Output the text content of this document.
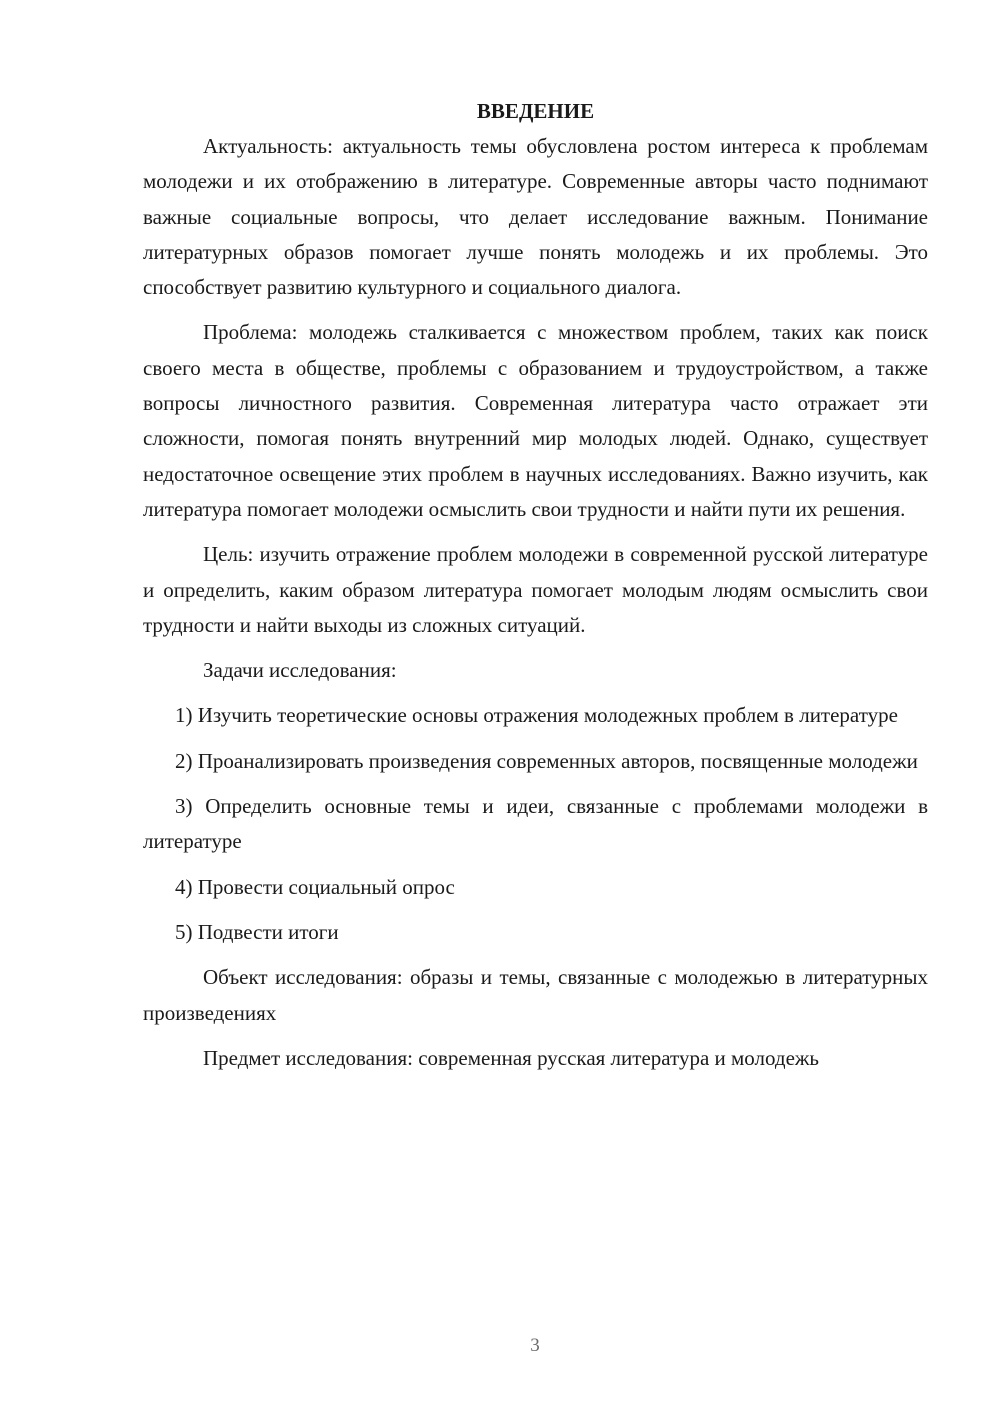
ВВЕДЕНИЕ

Актуальность: актуальность темы обусловлена ростом интереса к проблемам молодежи и их отображению в литературе. Современные авторы часто поднимают важные социальные вопросы, что делает исследование важным. Понимание литературных образов помогает лучше понять молодежь и их проблемы. Это способствует развитию культурного и социального диалога.

Проблема: молодежь сталкивается с множеством проблем, таких как поиск своего места в обществе, проблемы с образованием и трудоустройством, а также вопросы личностного развития. Современная литература часто отражает эти сложности, помогая понять внутренний мир молодых людей. Однако, существует недостаточное освещение этих проблем в научных исследованиях. Важно изучить, как литература помогает молодежи осмыслить свои трудности и найти пути их решения.

Цель: изучить отражение проблем молодежи в современной русской литературе и определить, каким образом литература помогает молодым людям осмыслить свои трудности и найти выходы из сложных ситуаций.

Задачи исследования:

1) Изучить теоретические основы отражения молодежных проблем в литературе

2) Проанализировать произведения современных авторов, посвященные молодежи

3) Определить основные темы и идеи, связанные с проблемами молодежи в литературе

4) Провести социальный опрос

5) Подвести итоги

Объект исследования: образы и темы, связанные с молодежью в литературных произведениях

Предмет исследования: современная русская литература и молодежь

3
